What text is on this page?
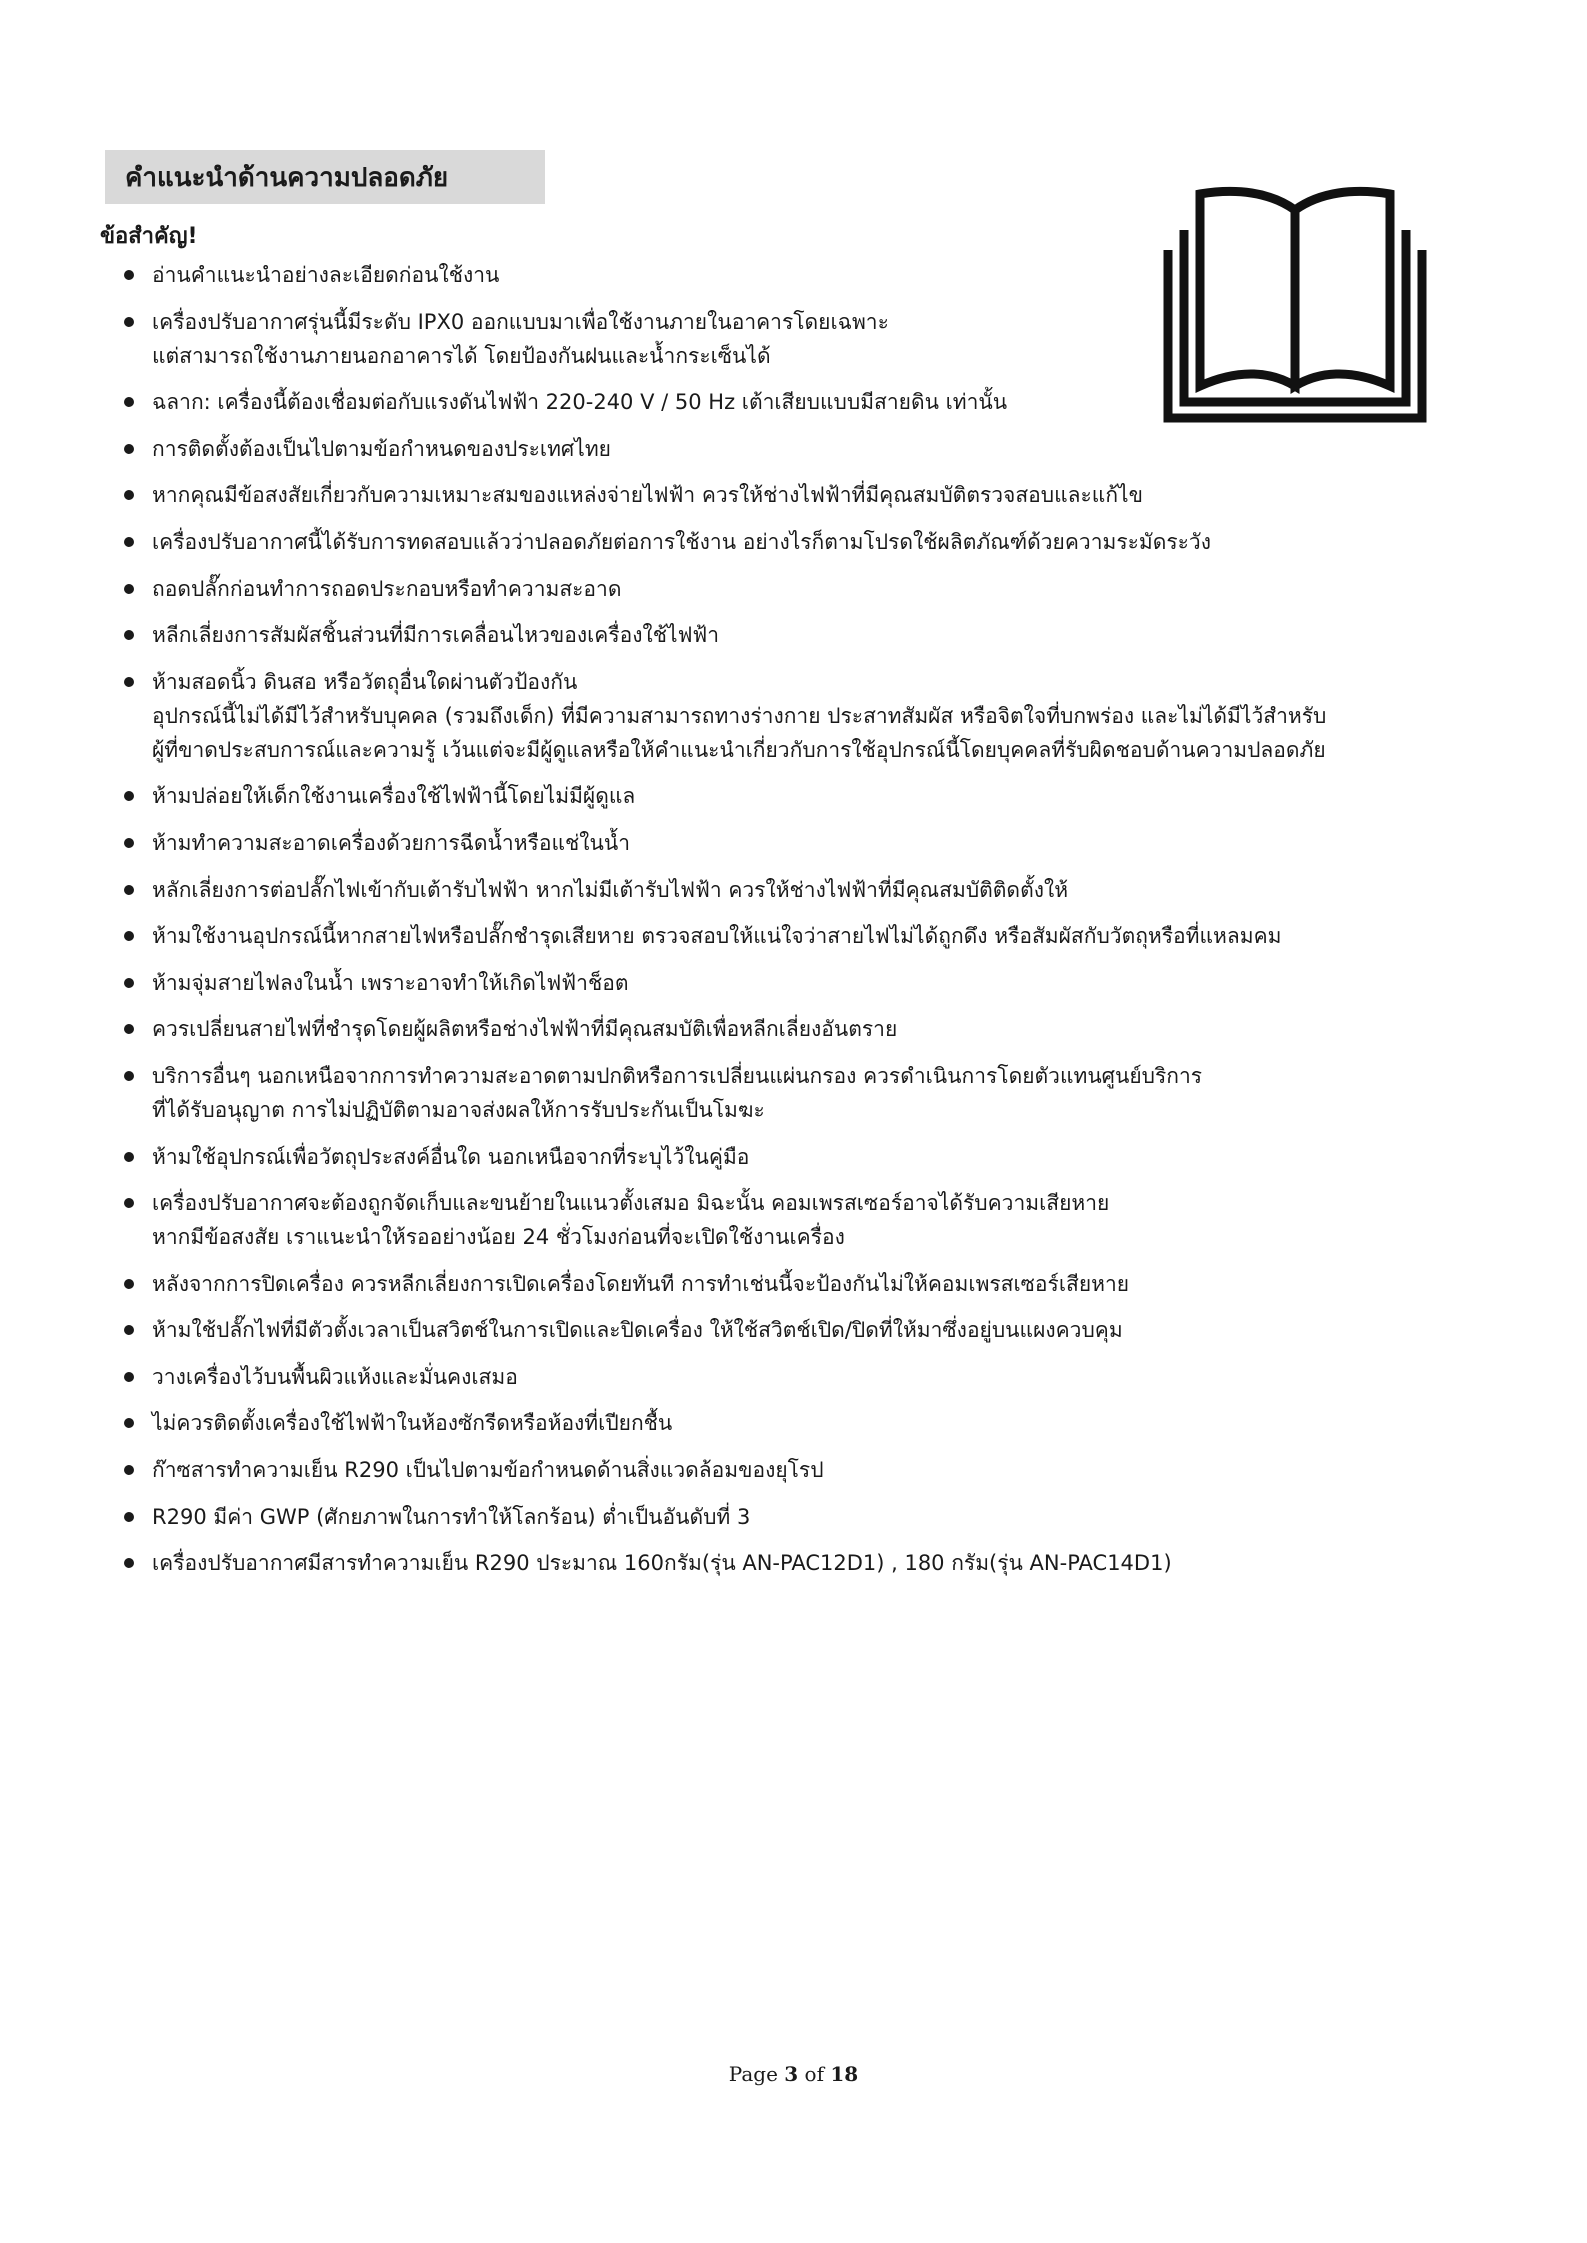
คำแนะนำด้านความปลอดภัย
ข้อสำคัญ!
อ่านคำแนะนำอย่างละเอียดก่อนใช้งาน
เครื่องปรับอากาศรุ่นนี้มีระดับ IPX0 ออกแบบมาเพื่อใช้งานภายในอาคารโดยเฉพาะ
แต่สามารถใช้งานภายนอกอาคารได้ โดยป้องกันฝนและน้ำกระเซ็นได้
ฉลาก: เครื่องนี้ต้องเชื่อมต่อกับแรงดันไฟฟ้า 220-240 V / 50 Hz เต้าเสียบแบบมีสายดิน เท่านั้น
การติดตั้งต้องเป็นไปตามข้อกำหนดของประเทศไทย
หากคุณมีข้อสงสัยเกี่ยวกับความเหมาะสมของแหล่งจ่ายไฟฟ้า ควรให้ช่างไฟฟ้าที่มีคุณสมบัติตรวจสอบและแก้ไข
เครื่องปรับอากาศนี้ได้รับการทดสอบแล้วว่าปลอดภัยต่อการใช้งาน อย่างไรก็ตามโปรดใช้ผลิตภัณฑ์ด้วยความระมัดระวัง
ถอดปลั๊กก่อนทำการถอดประกอบหรือทำความสะอาด
หลีกเลี่ยงการสัมผัสชิ้นส่วนที่มีการเคลื่อนไหวของเครื่องใช้ไฟฟ้า
ห้ามสอดนิ้ว ดินสอ หรือวัตถุอื่นใดผ่านตัวป้องกัน
อุปกรณ์นี้ไม่ได้มีไว้สำหรับบุคคล (รวมถึงเด็ก) ที่มีความสามารถทางร่างกาย ประสาทสัมผัส หรือจิตใจที่บกพร่อง และไม่ได้มีไว้สำหรับ
ผู้ที่ขาดประสบการณ์และความรู้ เว้นแต่จะมีผู้ดูแลหรือให้คำแนะนำเกี่ยวกับการใช้อุปกรณ์นี้โดยบุคคลที่รับผิดชอบด้านความปลอดภัย
ห้ามปล่อยให้เด็กใช้งานเครื่องใช้ไฟฟ้านี้โดยไม่มีผู้ดูแล
ห้ามทำความสะอาดเครื่องด้วยการฉีดน้ำหรือแช่ในน้ำ
หลักเลี่ยงการต่อปลั๊กไฟเข้ากับเต้ารับไฟฟ้า หากไม่มีเต้ารับไฟฟ้า ควรให้ช่างไฟฟ้าที่มีคุณสมบัติติดตั้งให้
ห้ามใช้งานอุปกรณ์นี้หากสายไฟหรือปลั๊กชำรุดเสียหาย ตรวจสอบให้แน่ใจว่าสายไฟไม่ได้ถูกดึง หรือสัมผัสกับวัตถุหรือที่แหลมคม
ห้ามจุ่มสายไฟลงในน้ำ เพราะอาจทำให้เกิดไฟฟ้าช็อต
ควรเปลี่ยนสายไฟที่ชำรุดโดยผู้ผลิตหรือช่างไฟฟ้าที่มีคุณสมบัติเพื่อหลีกเลี่ยงอันตราย
บริการอื่นๆ นอกเหนือจากการทำความสะอาดตามปกติหรือการเปลี่ยนแผ่นกรอง ควรดำเนินการโดยตัวแทนศูนย์บริการ
ที่ได้รับอนุญาต การไม่ปฏิบัติตามอาจส่งผลให้การรับประกันเป็นโมฆะ
ห้ามใช้อุปกรณ์เพื่อวัตถุประสงค์อื่นใด นอกเหนือจากที่ระบุไว้ในคู่มือ
เครื่องปรับอากาศจะต้องถูกจัดเก็บและขนย้ายในแนวตั้งเสมอ มิฉะนั้น คอมเพรสเซอร์อาจได้รับความเสียหาย
หากมีข้อสงสัย เราแนะนำให้รออย่างน้อย 24 ชั่วโมงก่อนที่จะเปิดใช้งานเครื่อง
หลังจากการปิดเครื่อง ควรหลีกเลี่ยงการเปิดเครื่องโดยทันที การทำเช่นนี้จะป้องกันไม่ให้คอมเพรสเซอร์เสียหาย
ห้ามใช้ปลั๊กไฟที่มีตัวตั้งเวลาเป็นสวิตช์ในการเปิดและปิดเครื่อง ให้ใช้สวิตช์เปิด/ปิดที่ให้มาซึ่งอยู่บนแผงควบคุม
วางเครื่องไว้บนพื้นผิวแห้งและมั่นคงเสมอ
ไม่ควรติดตั้งเครื่องใช้ไฟฟ้าในห้องซักรีดหรือห้องที่เปียกชื้น
ก๊าซสารทำความเย็น R290 เป็นไปตามข้อกำหนดด้านสิ่งแวดล้อมของยุโรป
R290 มีค่า GWP (ศักยภาพในการทำให้โลกร้อน) ต่ำเป็นอันดับที่ 3
เครื่องปรับอากาศมีสารทำความเย็น R290 ประมาณ 160กรัม(รุ่น AN-PAC12D1) , 180 กรัม(รุ่น AN-PAC14D1)
Page 3 of 18
